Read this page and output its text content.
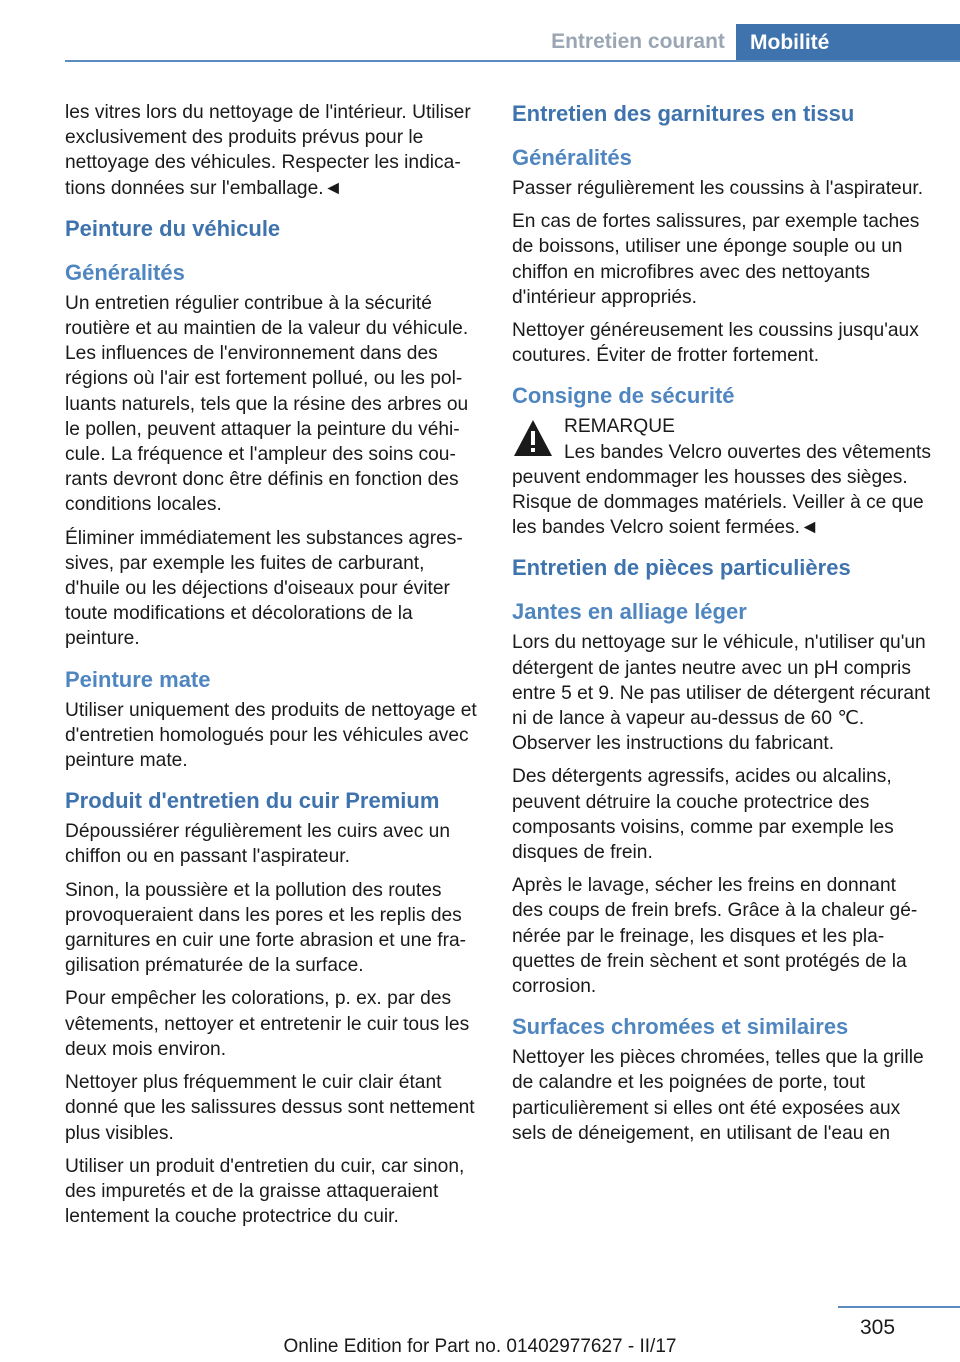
Entretien courant	Mobilité

les vitres lors du nettoyage de l'intérieur. Utiliser exclusivement des produits prévus pour le nettoyage des véhicules. Respecter les indications données sur l'emballage.◄

Peinture du véhicule
Généralités

Un entretien régulier contribue à la sécurité routière et au maintien de la valeur du véhicule. Les influences de l'environnement dans des régions où l'air est fortement pollué, ou les polluants naturels, tels que la résine des arbres ou le pollen, peuvent attaquer la peinture du véhicule. La fréquence et l'ampleur des soins courants devront donc être définis en fonction des conditions locales.

Éliminer immédiatement les substances agressives, par exemple les fuites de carburant, d'huile ou les déjections d'oiseaux pour éviter toute modifications et décolorations de la peinture.

Peinture mate

Utiliser uniquement des produits de nettoyage et d'entretien homologués pour les véhicules avec peinture mate.

Produit d'entretien du cuir Premium

Dépoussiérer régulièrement les cuirs avec un chiffon ou en passant l'aspirateur.

Sinon, la poussière et la pollution des routes provoqueraient dans les pores et les replis des garnitures en cuir une forte abrasion et une fragilisation prématurée de la surface.

Pour empêcher les colorations, p. ex. par des vêtements, nettoyer et entretenir le cuir tous les deux mois environ.

Nettoyer plus fréquemment le cuir clair étant donné que les salissures dessus sont nettement plus visibles.

Utiliser un produit d'entretien du cuir, car sinon, des impuretés et de la graisse attaqueraient lentement la couche protectrice du cuir.

Entretien des garnitures en tissu
Généralités

Passer régulièrement les coussins à l'aspirateur.

En cas de fortes salissures, par exemple taches de boissons, utiliser une éponge souple ou un chiffon en microfibres avec des nettoyants d'intérieur appropriés.

Nettoyer généreusement les coussins jusqu'aux coutures. Éviter de frotter fortement.

Consigne de sécurité

REMARQUE

Les bandes Velcro ouvertes des vêtements peuvent endommager les housses des sièges. Risque de dommages matériels. Veiller à ce que les bandes Velcro soient fermées.◄

Entretien de pièces particulières
Jantes en alliage léger

Lors du nettoyage sur le véhicule, n'utiliser qu'un détergent de jantes neutre avec un pH compris entre 5 et 9. Ne pas utiliser de détergent récurant ni de lance à vapeur au-dessus de 60 ℃. Observer les instructions du fabricant.

Des détergents agressifs, acides ou alcalins, peuvent détruire la couche protectrice des composants voisins, comme par exemple les disques de frein.

Après le lavage, sécher les freins en donnant des coups de frein brefs. Grâce à la chaleur générée par le freinage, les disques et les plaquettes de frein sèchent et sont protégés de la corrosion.

Surfaces chromées et similaires

Nettoyer les pièces chromées, telles que la grille de calandre et les poignées de porte, tout particulièrement si elles ont été exposées aux sels de déneigement, en utilisant de l'eau en

305
Online Edition for Part no. 01402977627 - II/17
